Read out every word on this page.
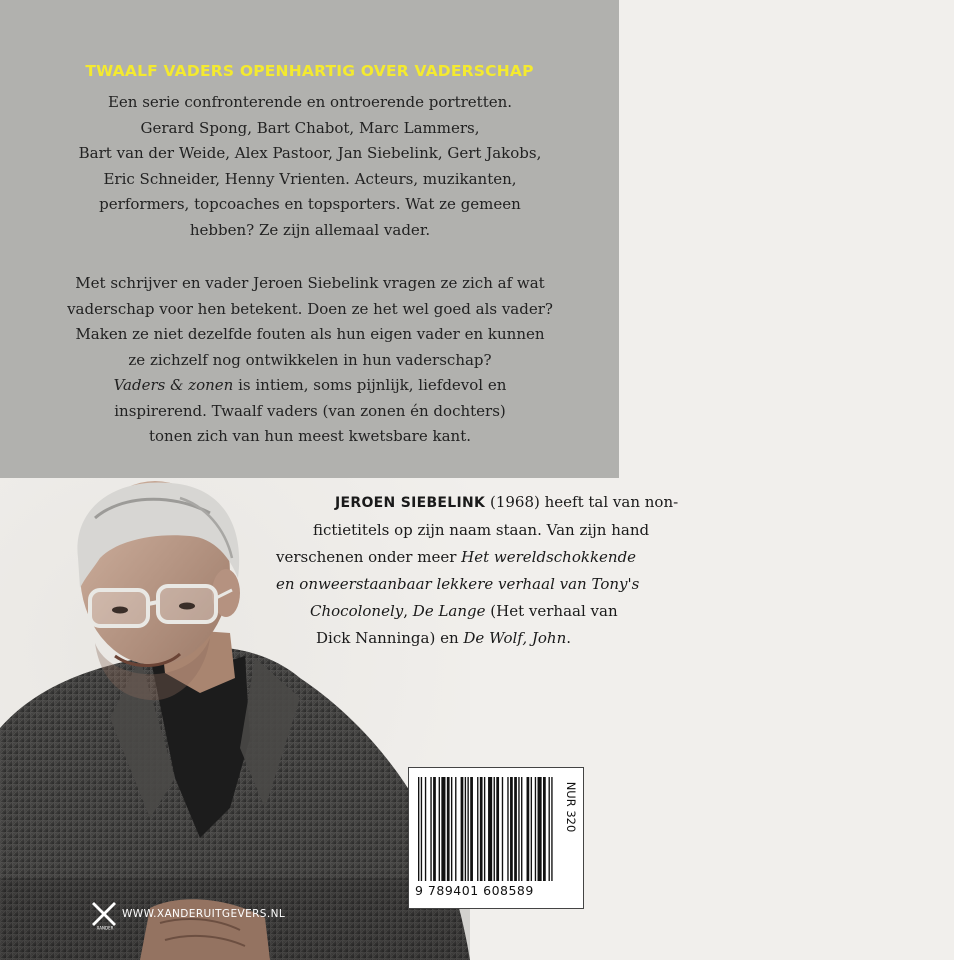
TWAALF VADERS OPENHARTIG OVER VADERSCHAP
Een serie confronterende en ontroerende portretten.
Gerard Spong, Bart Chabot, Marc Lammers,
Bart van der Weide, Alex Pastoor, Jan Siebelink, Gert Jakobs,
Eric Schneider, Henny Vrienten. Acteurs, muzikanten,
performers, topcoaches en topsporters. Wat ze gemeen
hebben? Ze zijn allemaal vader.
Met schrijver en vader Jeroen Siebelink vragen ze zich af wat
vaderschap voor hen betekent. Doen ze het wel goed als vader?
Maken ze niet dezelfde fouten als hun eigen vader en kunnen
ze zichzelf nog ontwikkelen in hun vaderschap?
Vaders & zonen is intiem, soms pijnlijk, liefdevol en
inspirerend. Twaalf vaders (van zonen én dochters)
tonen zich van hun meest kwetsbare kant.
JEROEN SIEBELINK (1968) heeft tal van non-
fictietitels op zijn naam staan. Van zijn hand
verschenen onder meer Het wereldschokkende
en onweerstaanbaar lekkere verhaal van Tony's
Chocolonely, De Lange (Het verhaal van
Dick Nanninga) en De Wolf, John.
XANDER
WWW.XANDERUITGEVERS.NL
9 789401 608589
NUR 320
